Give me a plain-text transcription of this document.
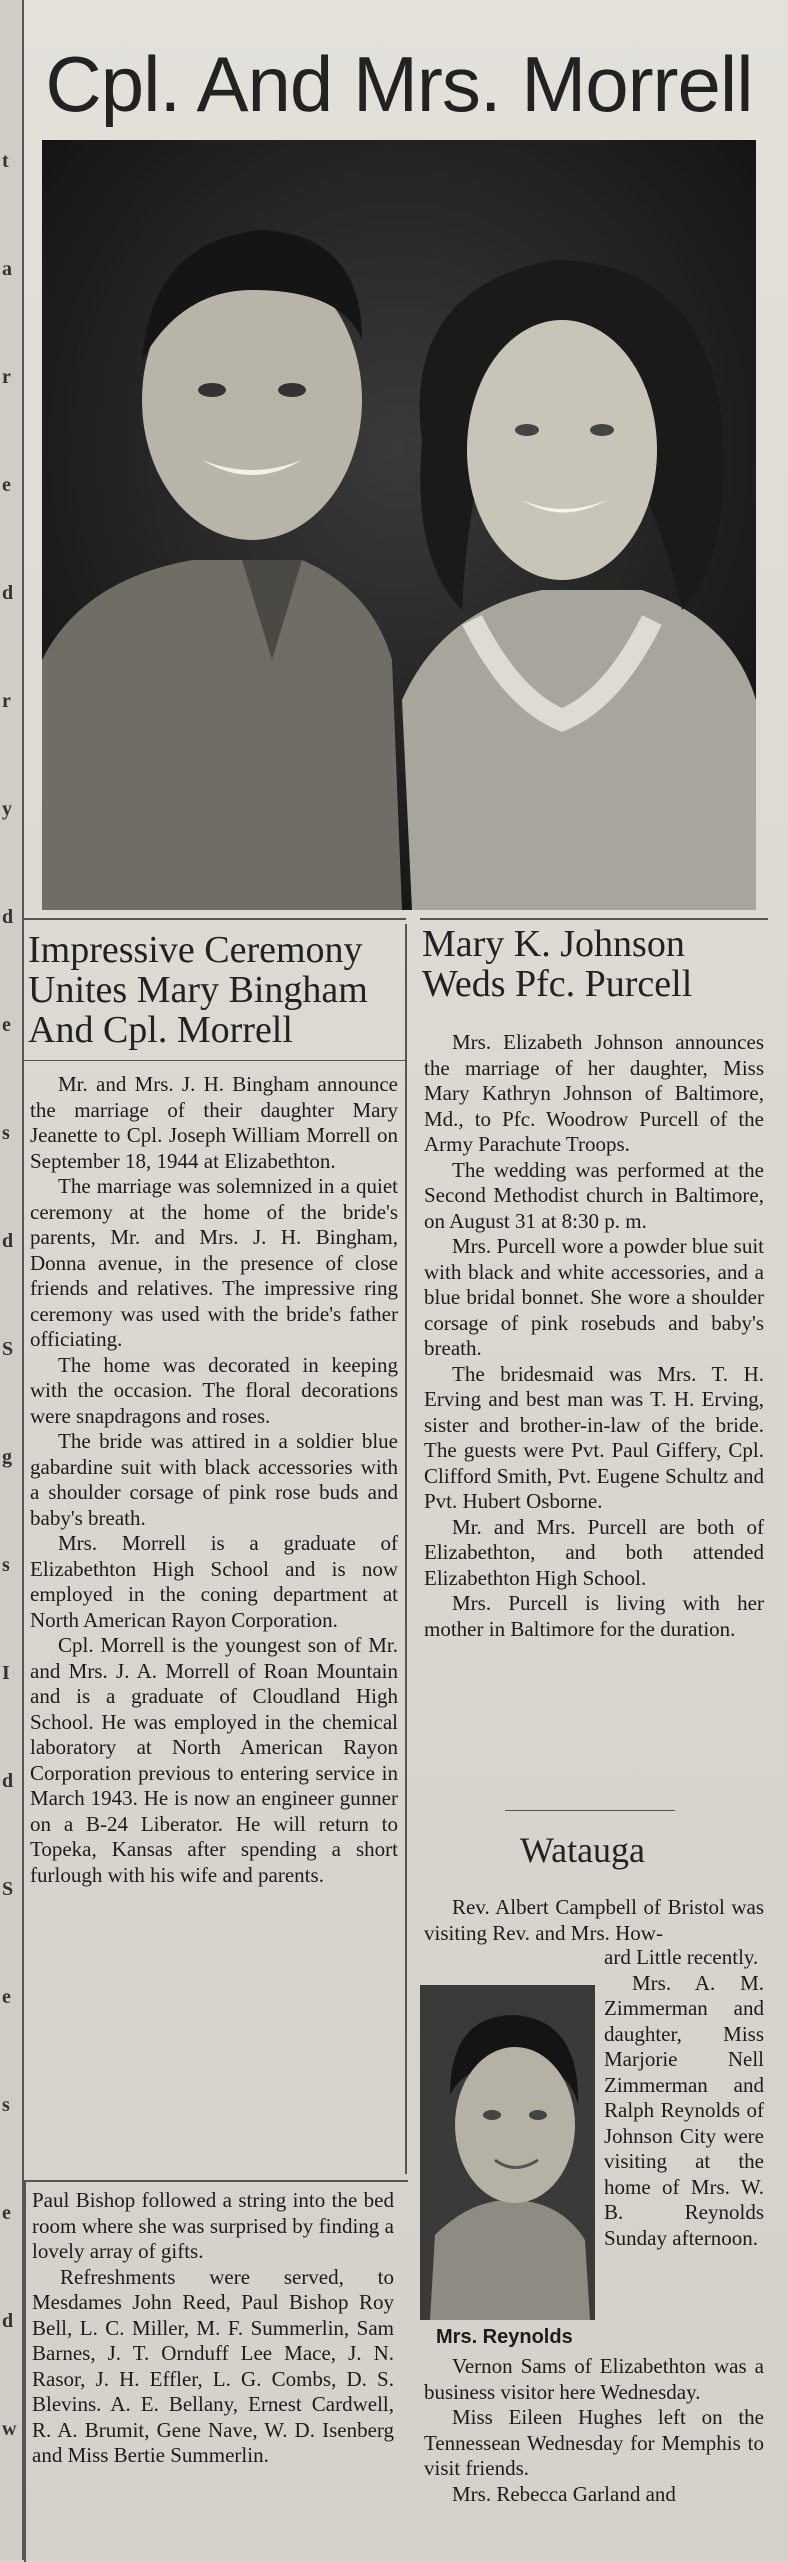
t
a
r
e
d
r
y
d
e
s
d
S
g
s
I
d
S
e
s
e
d
w
Cpl. And Mrs. Morrell
Impressive Ceremony
Unites Mary Bingham
And Cpl. Morrell

Mr. and Mrs. J. H. Bingham announce the marriage of their daughter Mary Jeanette to Cpl. Joseph William Morrell on September 18, 1944 at Elizabethton.

The marriage was solemnized in a quiet ceremony at the home of the bride's parents, Mr. and Mrs. J. H. Bingham, Donna avenue, in the presence of close friends and relatives. The impressive ring ceremony was used with the bride's father officiating.

The home was decorated in keeping with the occasion. The floral decorations were snapdragons and roses.

The bride was attired in a soldier blue gabardine suit with black accessories with a shoulder corsage of pink rose buds and baby's breath.

Mrs. Morrell is a graduate of Elizabethton High School and is now employed in the coning department at North American Rayon Corporation.

Cpl. Morrell is the youngest son of Mr. and Mrs. J. A. Morrell of Roan Mountain and is a graduate of Cloudland High School. He was employed in the chemical laboratory at North American Rayon Corporation previous to entering service in March 1943. He is now an engineer gunner on a B-24 Liberator. He will return to Topeka, Kansas after spending a short furlough with his wife and parents.

Mary K. Johnson
Weds Pfc. Purcell

Mrs. Elizabeth Johnson announces the marriage of her daughter, Miss Mary Kathryn Johnson of Baltimore, Md., to Pfc. Woodrow Purcell of the Army Parachute Troops.

The wedding was performed at the Second Methodist church in Baltimore, on August 31 at 8:30 p. m.

Mrs. Purcell wore a powder blue suit with black and white accessories, and a blue bridal bonnet. She wore a shoulder corsage of pink rosebuds and baby's breath.

The bridesmaid was Mrs. T. H. Erving and best man was T. H. Erving, sister and brother-in-law of the bride. The guests were Pvt. Paul Giffery, Cpl. Clifford Smith, Pvt. Eugene Schultz and Pvt. Hubert Osborne.

Mr. and Mrs. Purcell are both of Elizabethton, and both attended Elizabethton High School.

Mrs. Purcell is living with her mother in Baltimore for the duration.

Watauga

Rev. Albert Campbell of Bristol was visiting Rev. and Mrs. How-

Mrs. Reynolds

ard Little recently.

Mrs. A. M. Zimmerman and daughter, Miss Marjorie Nell Zimmerman and Ralph Reynolds of Johnson City were visiting at the home of Mrs. W. B. Reynolds Sunday afternoon.

Vernon Sams of Elizabethton was a business visitor here Wednesday.

Miss Eileen Hughes left on the Tennessean Wednesday for Memphis to visit friends.

Mrs. Rebecca Garland and

Paul Bishop followed a string into the bed room where she was surprised by finding a lovely array of gifts.

Refreshments were served, to Mesdames John Reed, Paul Bishop Roy Bell, L. C. Miller, M. F. Summerlin, Sam Barnes, J. T. Ornduff Lee Mace, J. N. Rasor, J. H. Effler, L. G. Combs, D. S. Blevins. A. E. Bellany, Ernest Cardwell, R. A. Brumit, Gene Nave, W. D. Isenberg and Miss Bertie Summerlin.
